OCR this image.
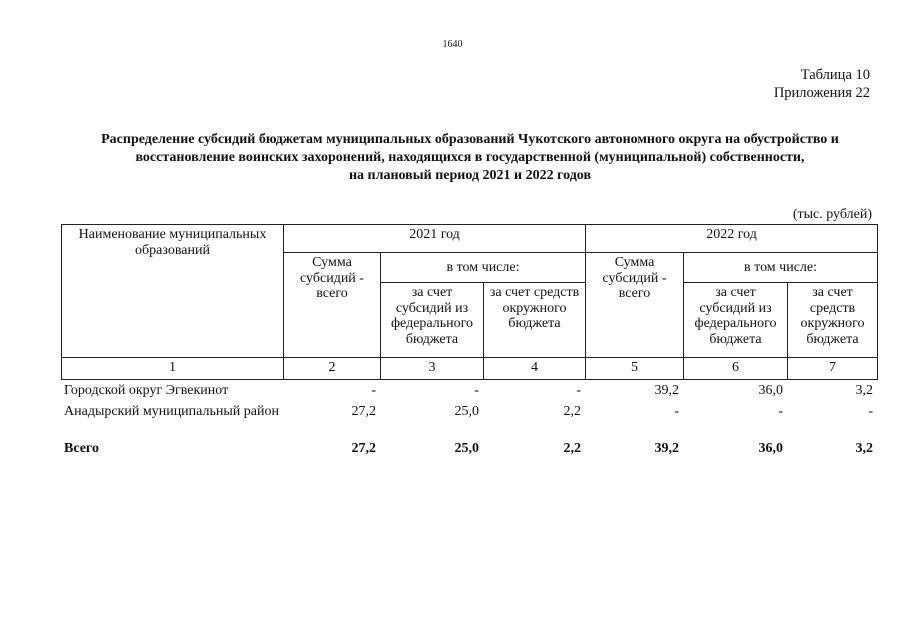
1640
Таблица 10
Приложения 22
Распределение субсидий бюджетам муниципальных образований Чукотского автономного округа на обустройство и
восстановление воинских захоронений, находящихся в государственной (муниципальной) собственности,
на плановый период 2021 и 2022 годов
(тыс. рублей)
Наименование муниципальных образований	2021 год			2022 год		
	Сумма субсидий - всего	в том числе:		Сумма субсидий - всего	в том числе:	
		за счет субсидий из федерального бюджета	за счет средств окружного бюджета		за счет субсидий из федерального бюджета	за счет средств окружного бюджета
1	2	3	4	5	6	7
Городской округ Эгвекинот	-	-	-	39,2	36,0	3,2
Анадырский муниципальный район	27,2	25,0	2,2	-	-	-
Всего	27,2	25,0	2,2	39,2	36,0	3,2
